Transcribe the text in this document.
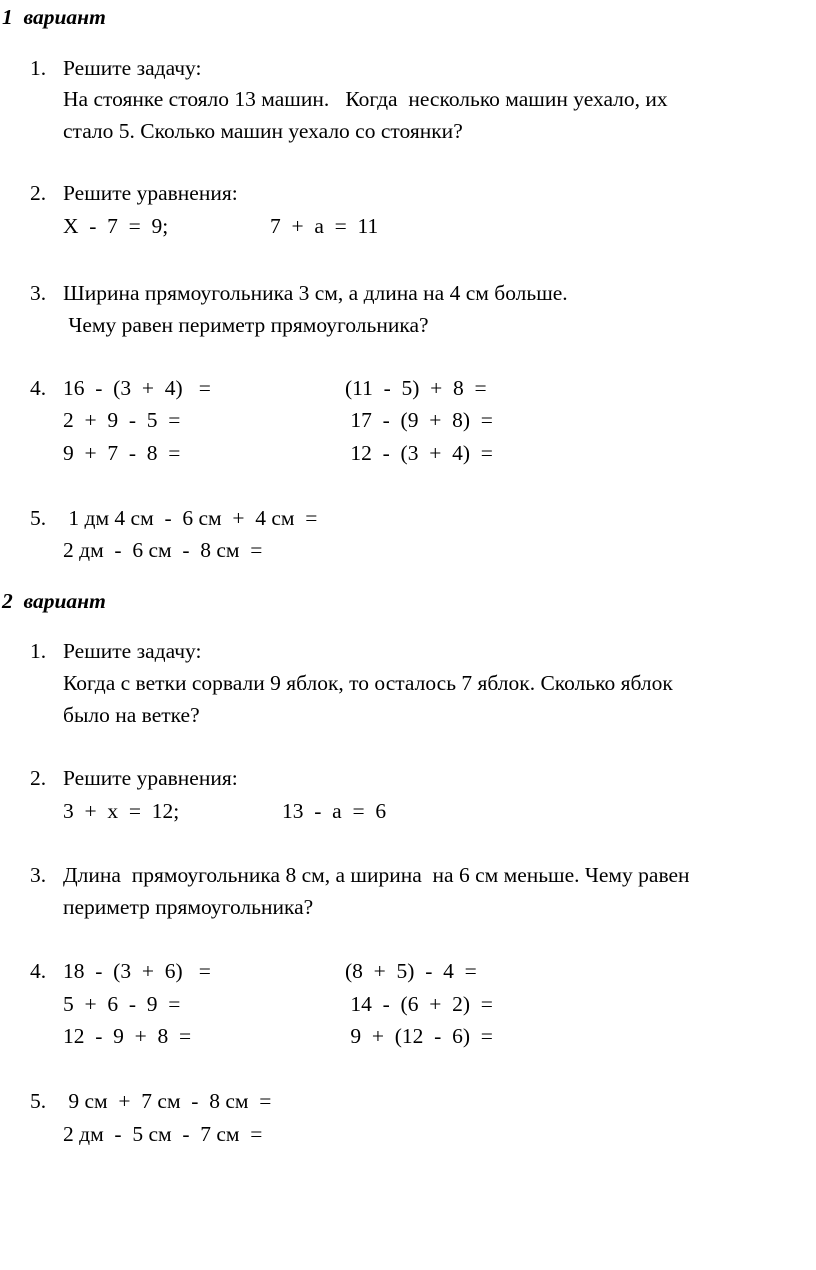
1  вариант

1. Решите задачу:

На стоянке стояло 13 машин.   Когда  несколько машин уехало, их

стало 5. Сколько машин уехало со стоянки?

2. Решите уравнения:

Х  -  7  =  9;	7  +  а  =  11

3. Ширина прямоугольника 3 см, а длина на 4 см больше.

Чему равен периметр прямоугольника?

4. 16  -  (3  +  4)   =	(11  -  5)  +  8  =

2  +  9  -  5  =	17  -  (9  +  8)  =

9  +  7  -  8  =	12  -  (3  +  4)  =

5. 1 дм 4 см  -  6 см  +  4 см  =

2 дм  -  6 см  -  8 см  =

2  вариант

1. Решите задачу:

Когда с ветки сорвали 9 яблок, то осталось 7 яблок. Сколько яблок

было на ветке?

2. Решите уравнения:

3  +  х  =  12;	13  -  а  =  6

3. Длина  прямоугольника 8 см, а ширина  на 6 см меньше. Чему равен

периметр прямоугольника?

4. 18  -  (3  +  6)   =	(8  +  5)  -  4  =

5  +  6  -  9  =	14  -  (6  +  2)  =

12  -  9  +  8  =	9  +  (12  -  6)  =

5. 9 см  +  7 см  -  8 см  =

2 дм  -  5 см  -  7 см  =
